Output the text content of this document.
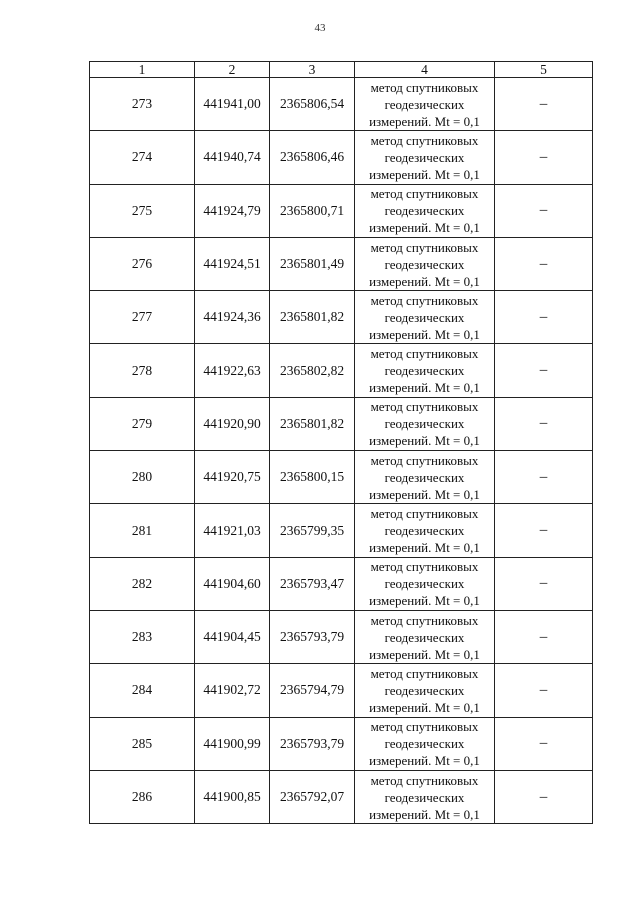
43
1	2	3	4	5
273	441941,00	2365806,54	метод спутниковых
геодезических
измерений. Mt = 0,1	–
274	441940,74	2365806,46	метод спутниковых
геодезических
измерений. Mt = 0,1	–
275	441924,79	2365800,71	метод спутниковых
геодезических
измерений. Mt = 0,1	–
276	441924,51	2365801,49	метод спутниковых
геодезических
измерений. Mt = 0,1	–
277	441924,36	2365801,82	метод спутниковых
геодезических
измерений. Mt = 0,1	–
278	441922,63	2365802,82	метод спутниковых
геодезических
измерений. Mt = 0,1	–
279	441920,90	2365801,82	метод спутниковых
геодезических
измерений. Mt = 0,1	–
280	441920,75	2365800,15	метод спутниковых
геодезических
измерений. Mt = 0,1	–
281	441921,03	2365799,35	метод спутниковых
геодезических
измерений. Mt = 0,1	–
282	441904,60	2365793,47	метод спутниковых
геодезических
измерений. Mt = 0,1	–
283	441904,45	2365793,79	метод спутниковых
геодезических
измерений. Mt = 0,1	–
284	441902,72	2365794,79	метод спутниковых
геодезических
измерений. Mt = 0,1	–
285	441900,99	2365793,79	метод спутниковых
геодезических
измерений. Mt = 0,1	–
286	441900,85	2365792,07	метод спутниковых
геодезических
измерений. Mt = 0,1	–
